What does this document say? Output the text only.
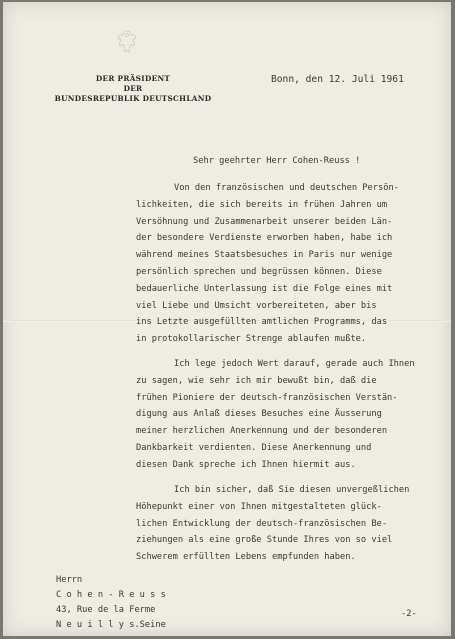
DER PRÄSIDENT
DER
BUNDESREPUBLIK DEUTSCHLAND
Bonn, den 12. Juli 1961
Sehr geehrter Herr Cohen-Reuss !
Von den französischen und deutschen Persön-
lichkeiten, die sich bereits in frühen Jahren um
Versöhnung und Zusammenarbeit unserer beiden Län-
der besondere Verdienste erworben haben, habe ich
während meines Staatsbesuches in Paris nur wenige
persönlich sprechen und begrüssen können. Diese
bedauerliche Unterlassung ist die Folge eines mit
viel Liebe und Umsicht vorbereiteten, aber bis
ins Letzte ausgefüllten amtlichen Programms, das
in protokollarischer Strenge ablaufen mußte.
Ich lege jedoch Wert darauf, gerade auch Ihnen
zu sagen, wie sehr ich mir bewußt bin, daß die
frühen Pioniere der deutsch-französischen Verstän-
digung aus Anlaß dieses Besuches eine Äusserung
meiner herzlichen Anerkennung und der besonderen
Dankbarkeit verdienten. Diese Anerkennung und
diesen Dank spreche ich Ihnen hiermit aus.
Ich bin sicher, daß Sie diesen unvergeßlichen
Höhepunkt einer von Ihnen mitgestalteten glück-
lichen Entwicklung der deutsch-französischen Be-
ziehungen als eine große Stunde Ihres von so viel
Schwerem erfüllten Lebens empfunden haben.
Herrn
C o h e n - R e u s s
43, Rue de la Ferme
N e u i l l y s.Seine
-2-
